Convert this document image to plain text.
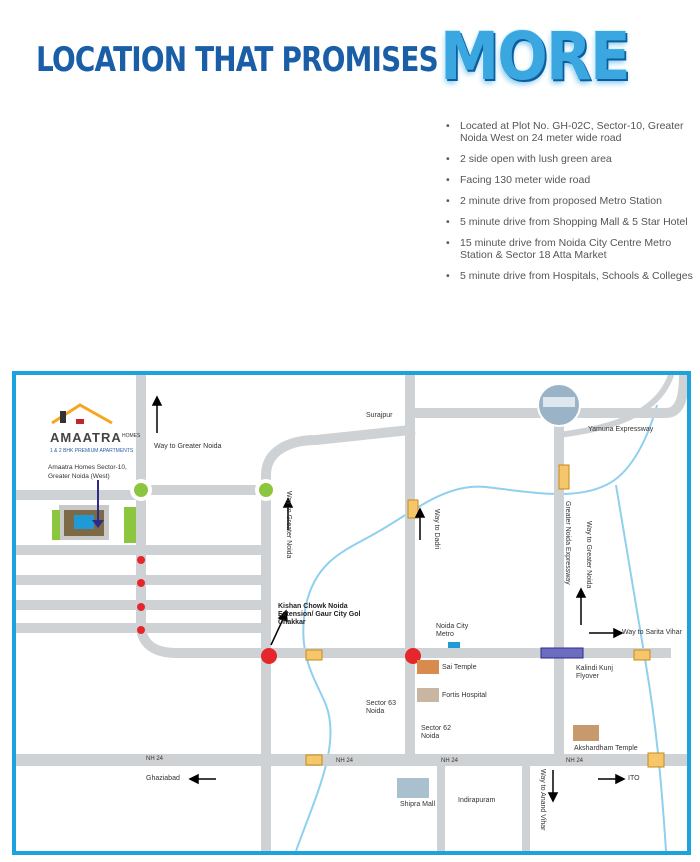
LOCATION THAT PROMISES MORE
• Located at Plot No. GH-02C, Sector-10, Greater Noida West on 24 meter wide road
• 2 side open with lush green area
• Facing 130 meter wide road
• 2 minute drive from proposed Metro Station
• 5 minute drive from Shopping Mall & 5 Star Hotel
• 15 minute drive from Noida City Centre Metro Station & Sector 18 Atta Market
• 5 minute drive from Hospitals, Schools & Colleges
AMAATRA HOMES
1 & 2 BHK PREMIUM APARTMENTS
Amaatra Homes Sector-10, Greater Noida (West)
Way to Greater Noida
Surajpur
Yamuna Expressway
Way to Greater Noida	Way to Dadri	Greater Noida Expressway Way to Greater Noida
Kishan Chowk Noida Extension/ Gaur City Gol Chakkar
Noida City Metro	Way to Sarita Vihar
Sai Temple
Fortis Hospital
Sector 63 Noida
Sector 62 Noida
Kalindi Kunj Flyover
Akshardham Temple
NH 24	NH 24	NH 24	NH 24
Ghaziabad
Shipra Mall
Indirapuram	Way to Anand Vihar	ITO
